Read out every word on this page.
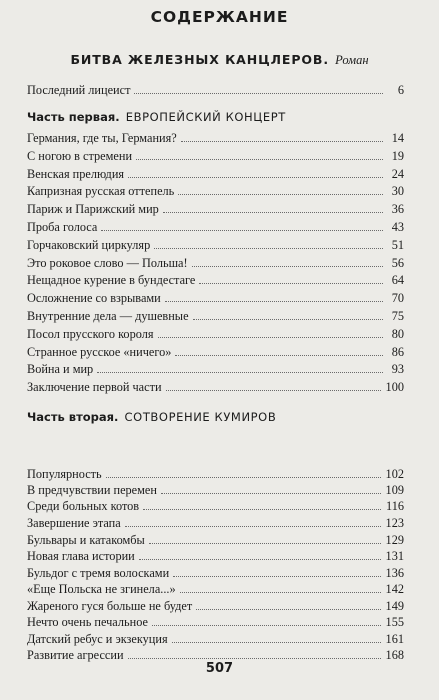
СОДЕРЖАНИЕ
БИТВА ЖЕЛЕЗНЫХ КАНЦЛЕРОВ. Роман
Последний лицеист	6
Часть первая. ЕВРОПЕЙСКИЙ КОНЦЕРТ
Германия, где ты, Германия?	14
С ногою в стремени	19
Венская прелюдия	24
Капризная русская оттепель	30
Париж и Парижский мир	36
Проба голоса	43
Горчаковский циркуляр	51
Это роковое слово — Польша!	56
Нещадное курение в бундестаге	64
Осложнение со взрывами	70
Внутренние дела — душевные	75
Посол прусского короля	80
Странное русское «ничего»	86
Война и мир	93
Заключение первой части	100
Часть вторая. СОТВОРЕНИЕ КУМИРОВ
Популярность	102
В предчувствии перемен	109
Среди больных котов	116
Завершение этапа	123
Бульвары и катакомбы	129
Новая глава истории	131
Бульдог с тремя волосками	136
«Еще Польска не згинела...»	142
Жареного гуся больше не будет	149
Нечто очень печальное	155
507
Датский ребус и экзекуция	161
Развитие агрессии	168
